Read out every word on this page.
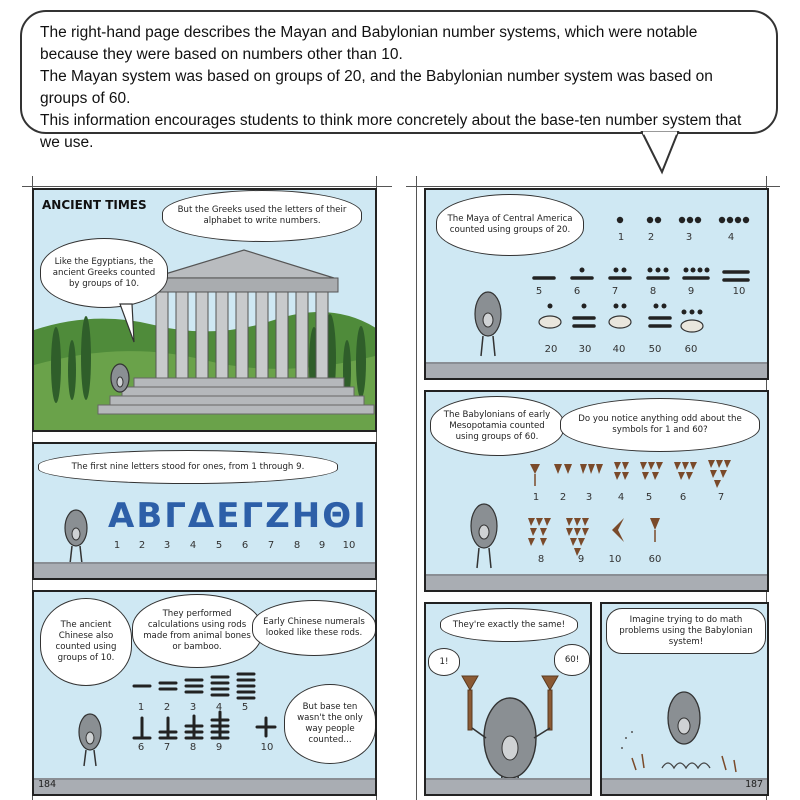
The right-hand page describes the Mayan and Babylonian number systems, which were notable because they were based on numbers other than 10.

The Mayan system was based on groups of 20, and the Babylonian number system was based on groups of 60.

This information encourages students to think more concretely about the base-ten number system that we use.

ANCIENT TIMES	But the Greeks used the letters of their alphabet to write numbers.
Like the Egyptians, the ancient Greeks counted by groups of 10.
The first nine letters stood for ones, from 1 through 9.
ΑΒΓΔΕΓΖΗΘΙ
1	2	3	4	5	6	7	8	9	10
The ancient Chinese also counted using groups of 10.
They performed calculations using rods made from animal bones or bamboo.
Early Chinese numerals looked like these rods.
But base ten wasn't the only way people counted...
1	2	3	4	5
6	7	8	9	10
184
The Maya of Central America counted using groups of 20.
1	2	3	4
5	6	7	8	9	10
20	30	40	50	60
The Babylonians of early Mesopotamia counted using groups of 60.
Do you notice anything odd about the symbols for 1 and 60?
1	2	3	4	5	6	7
8	9	10	60
They're exactly the same!
1!	60!
Imagine trying to do math problems using the Babylonian system!
187
